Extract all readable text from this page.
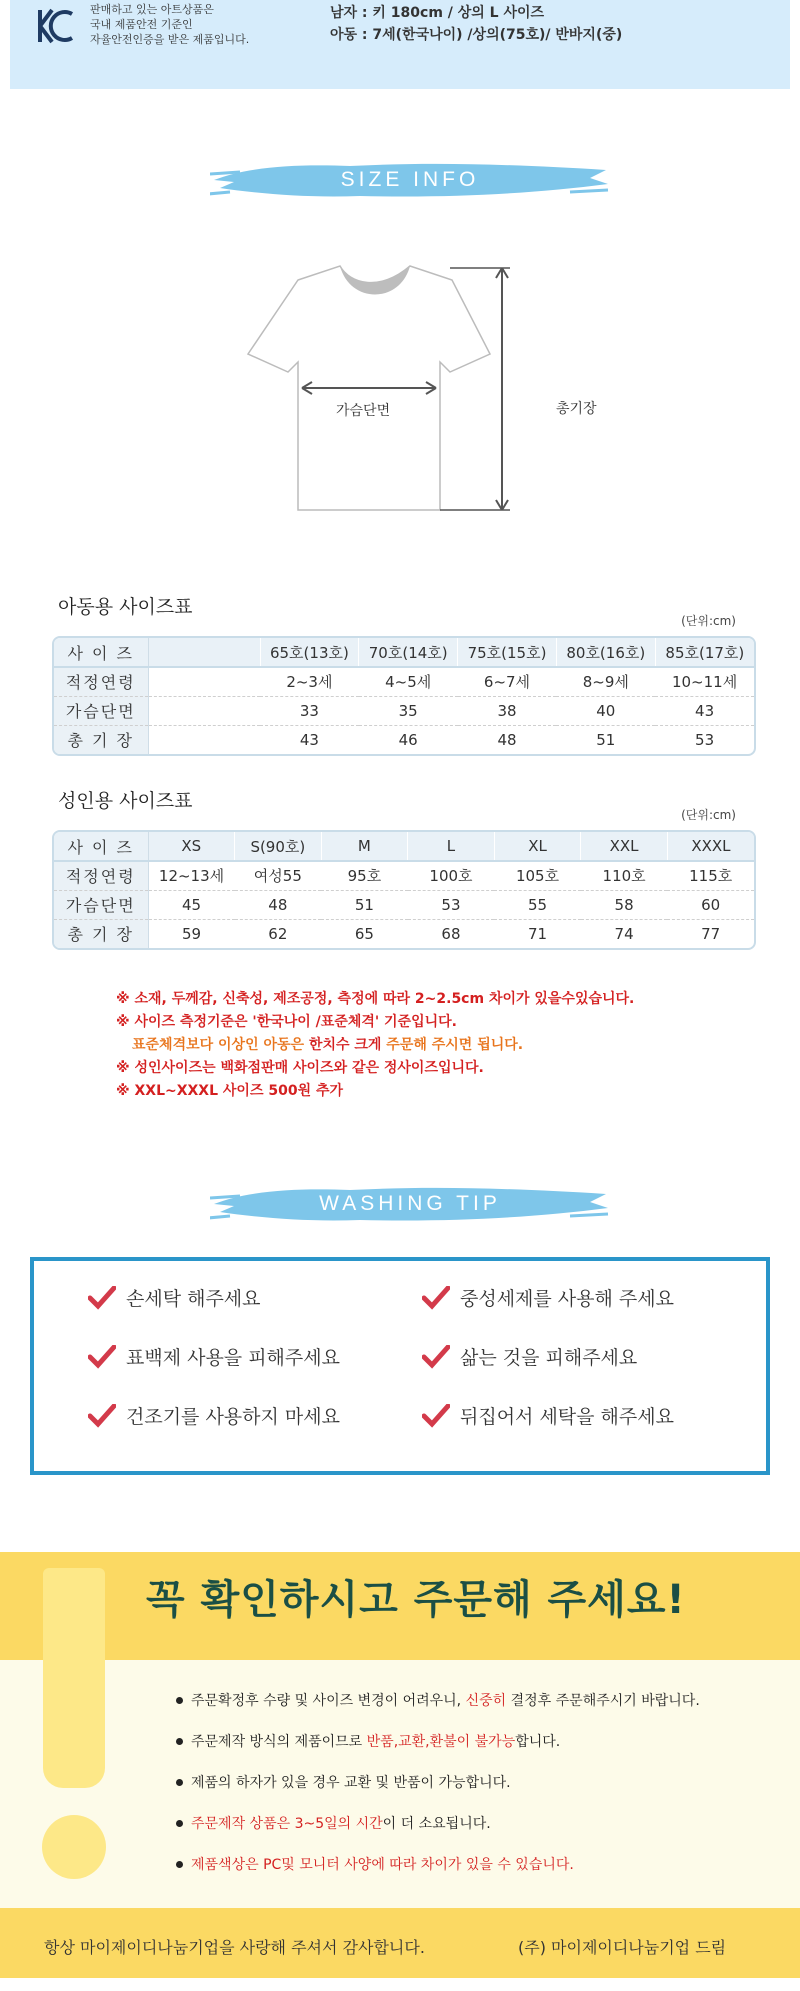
판매하고 있는 아트상품은
국내 제품안전 기준인
자율안전인증을 받은 제품입니다.
남자 : 키 180cm / 상의 L 사이즈
아동 : 7세(한국나이) /상의(75호)/ 반바지(중)
SIZE INFO
가슴단면	총기장
아동용 사이즈표
(단위:cm)
사 이 즈		65호(13호)	70호(14호)	75호(15호)	80호(16호)	85호(17호)
적정연령		2~3세	4~5세	6~7세	8~9세	10~11세
가슴단면		33	35	38	40	43
총 기 장		43	46	48	51	53
성인용 사이즈표
(단위:cm)
사 이 즈	XS	S(90호)	M	L	XL	XXL	XXXL
적정연령	12~13세	여성55	95호	100호	105호	110호	115호
가슴단면	45	48	51	53	55	58	60
총 기 장	59	62	65	68	71	74	77
※ 소재, 두께감, 신축성, 제조공정, 측정에 따라 2~2.5cm 차이가 있을수있습니다.
※ 사이즈 측정기준은 '한국나이 /표준체격' 기준입니다.
표준체격보다 이상인 아동은 한치수 크게 주문해 주시면 됩니다.
※ 성인사이즈는 백화점판매 사이즈와 같은 정사이즈입니다.
※ XXL~XXXL 사이즈 500원 추가
WASHING TIP
손세탁 해주세요	중성세제를 사용해 주세요
표백제 사용을 피해주세요	삶는 것을 피해주세요
건조기를 사용하지 마세요	뒤집어서 세탁을 해주세요
꼭 확인하시고 주문해 주세요!
주문확정후 수량 및 사이즈 변경이 어려우니, 신중히 결정후 주문해주시기 바랍니다.
주문제작 방식의 제품이므로 반품,교환,환불이 불가능합니다.
제품의 하자가 있을 경우 교환 및 반품이 가능합니다.
주문제작 상품은 3~5일의 시간이 더 소요됩니다.
제품색상은 PC및 모니터 사양에 따라 차이가 있을 수 있습니다.
항상 마이제이디나눔기업을 사랑해 주셔서 감사합니다.	(주) 마이제이디나눔기업 드림
